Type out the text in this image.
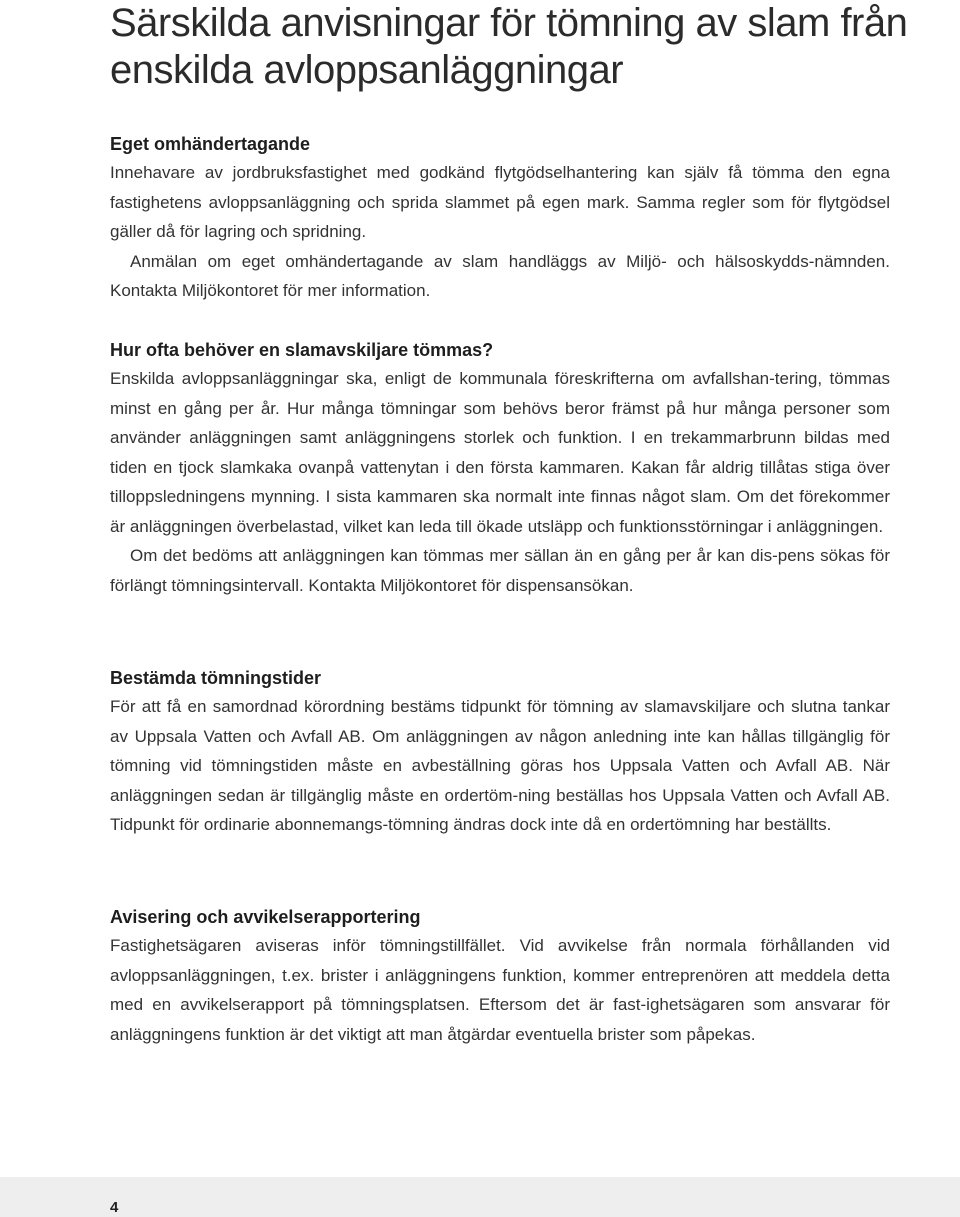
Särskilda anvisningar för tömning av slam från enskilda avloppsanläggningar
Eget omhändertagande

Innehavare av jordbruksfastighet med godkänd flytgödselhantering kan själv få tömma den egna fastighetens avloppsanläggning och sprida slammet på egen mark. Samma regler som för flytgödsel gäller då för lagring och spridning.

Anmälan om eget omhändertagande av slam handläggs av Miljö- och hälsoskydds-nämnden. Kontakta Miljökontoret för mer information.

Hur ofta behöver en slamavskiljare tömmas?

Enskilda avloppsanläggningar ska, enligt de kommunala föreskrifterna om avfallshan-tering, tömmas minst en gång per år. Hur många tömningar som behövs beror främst på hur många personer som använder anläggningen samt anläggningens storlek och funktion. I en trekammarbrunn bildas med tiden en tjock slamkaka ovanpå vattenytan i den första kammaren. Kakan får aldrig tillåtas stiga över tilloppsledningens mynning. I sista kammaren ska normalt inte finnas något slam. Om det förekommer är anläggningen överbelastad, vilket kan leda till ökade utsläpp och funktionsstörningar i anläggningen.

Om det bedöms att anläggningen kan tömmas mer sällan än en gång per år kan dis-pens sökas för förlängt tömningsintervall. Kontakta Miljökontoret för dispensansökan.

Bestämda tömningstider

För att få en samordnad körordning bestäms tidpunkt för tömning av slamavskiljare och slutna tankar av Uppsala Vatten och Avfall AB. Om anläggningen av någon anledning inte kan hållas tillgänglig för tömning vid tömningstiden måste en avbeställning göras hos Uppsala Vatten och Avfall AB. När anläggningen sedan är tillgänglig måste en ordertöm-ning beställas hos Uppsala Vatten och Avfall AB. Tidpunkt för ordinarie abonnemangs-tömning ändras dock inte då en ordertömning har beställts.

Avisering och avvikelserapportering

Fastighetsägaren aviseras inför tömningstillfället. Vid avvikelse från normala förhållanden vid avloppsanläggningen, t.ex. brister i anläggningens funktion, kommer entreprenören att meddela detta med en avvikelserapport på tömningsplatsen. Eftersom det är fast-ighetsägaren som ansvarar för anläggningens funktion är det viktigt att man åtgärdar eventuella brister som påpekas.

4
